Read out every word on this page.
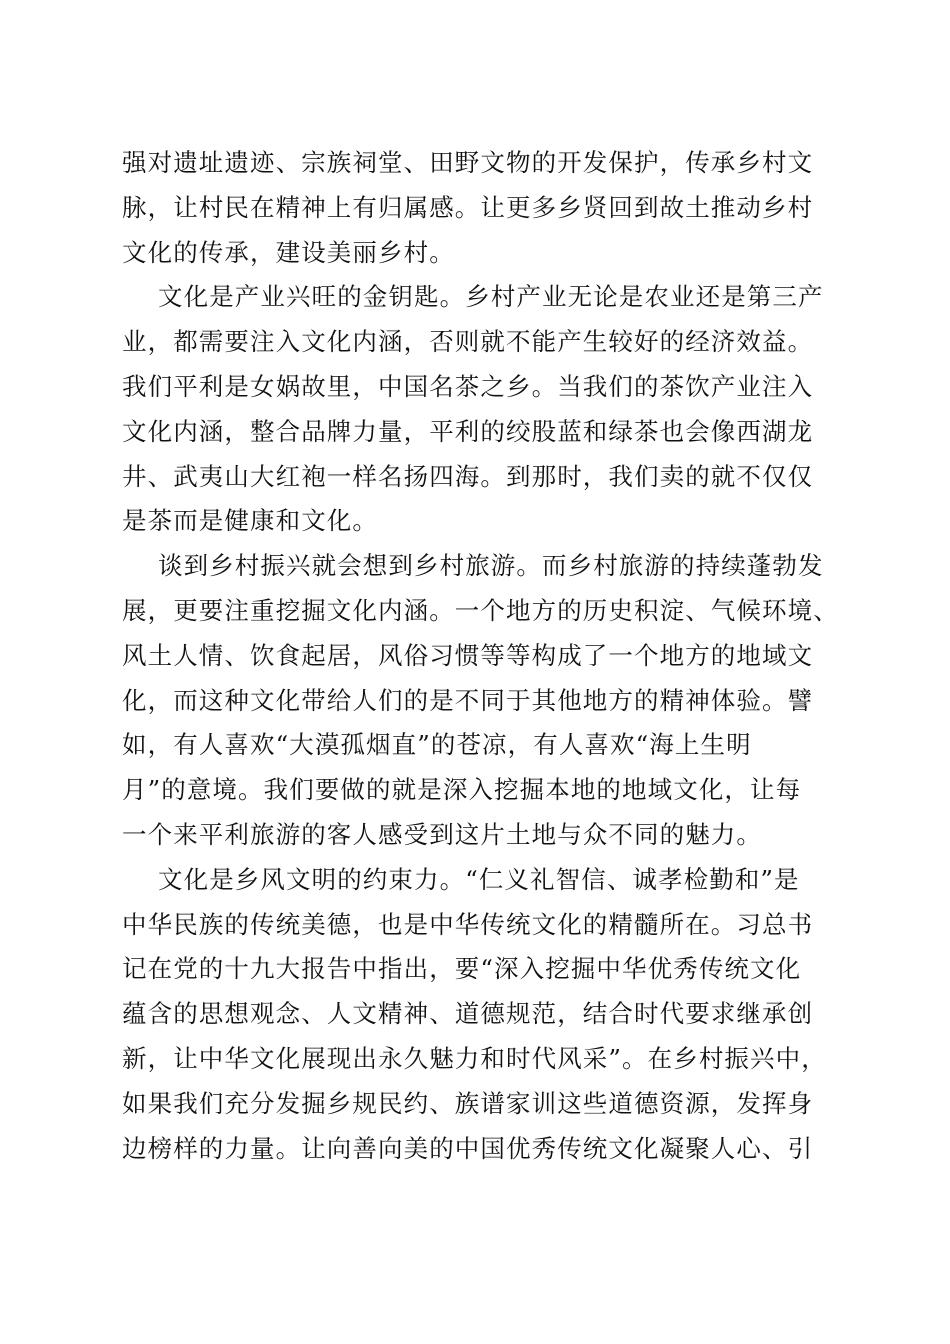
强对遗址遗迹、宗族祠堂、田野文物的开发保护，传承乡村文
脉，让村民在精神上有归属感。让更多乡贤回到故土推动乡村
文化的传承，建设美丽乡村。
文化是产业兴旺的金钥匙。乡村产业无论是农业还是第三产
业，都需要注入文化内涵，否则就不能产生较好的经济效益。
我们平利是女娲故里，中国名茶之乡。当我们的茶饮产业注入
文化内涵，整合品牌力量，平利的绞股蓝和绿茶也会像西湖龙
井、武夷山大红袍一样名扬四海。到那时，我们卖的就不仅仅
是茶而是健康和文化。
谈到乡村振兴就会想到乡村旅游。而乡村旅游的持续蓬勃发
展，更要注重挖掘文化内涵。一个地方的历史积淀、气候环境、
风土人情、饮食起居，风俗习惯等等构成了一个地方的地域文
化，而这种文化带给人们的是不同于其他地方的精神体验。譬
如，有人喜欢“大漠孤烟直”的苍凉，有人喜欢“海上生明
月”的意境。我们要做的就是深入挖掘本地的地域文化，让每
一个来平利旅游的客人感受到这片土地与众不同的魅力。
文化是乡风文明的约束力。“仁义礼智信、诚孝检勤和”是
中华民族的传统美德，也是中华传统文化的精髓所在。习总书
记在党的十九大报告中指出，要“深入挖掘中华优秀传统文化
蕴含的思想观念、人文精神、道德规范，结合时代要求继承创
新，让中华文化展现出永久魅力和时代风采”。在乡村振兴中，
如果我们充分发掘乡规民约、族谱家训这些道德资源，发挥身
边榜样的力量。让向善向美的中国优秀传统文化凝聚人心、引
